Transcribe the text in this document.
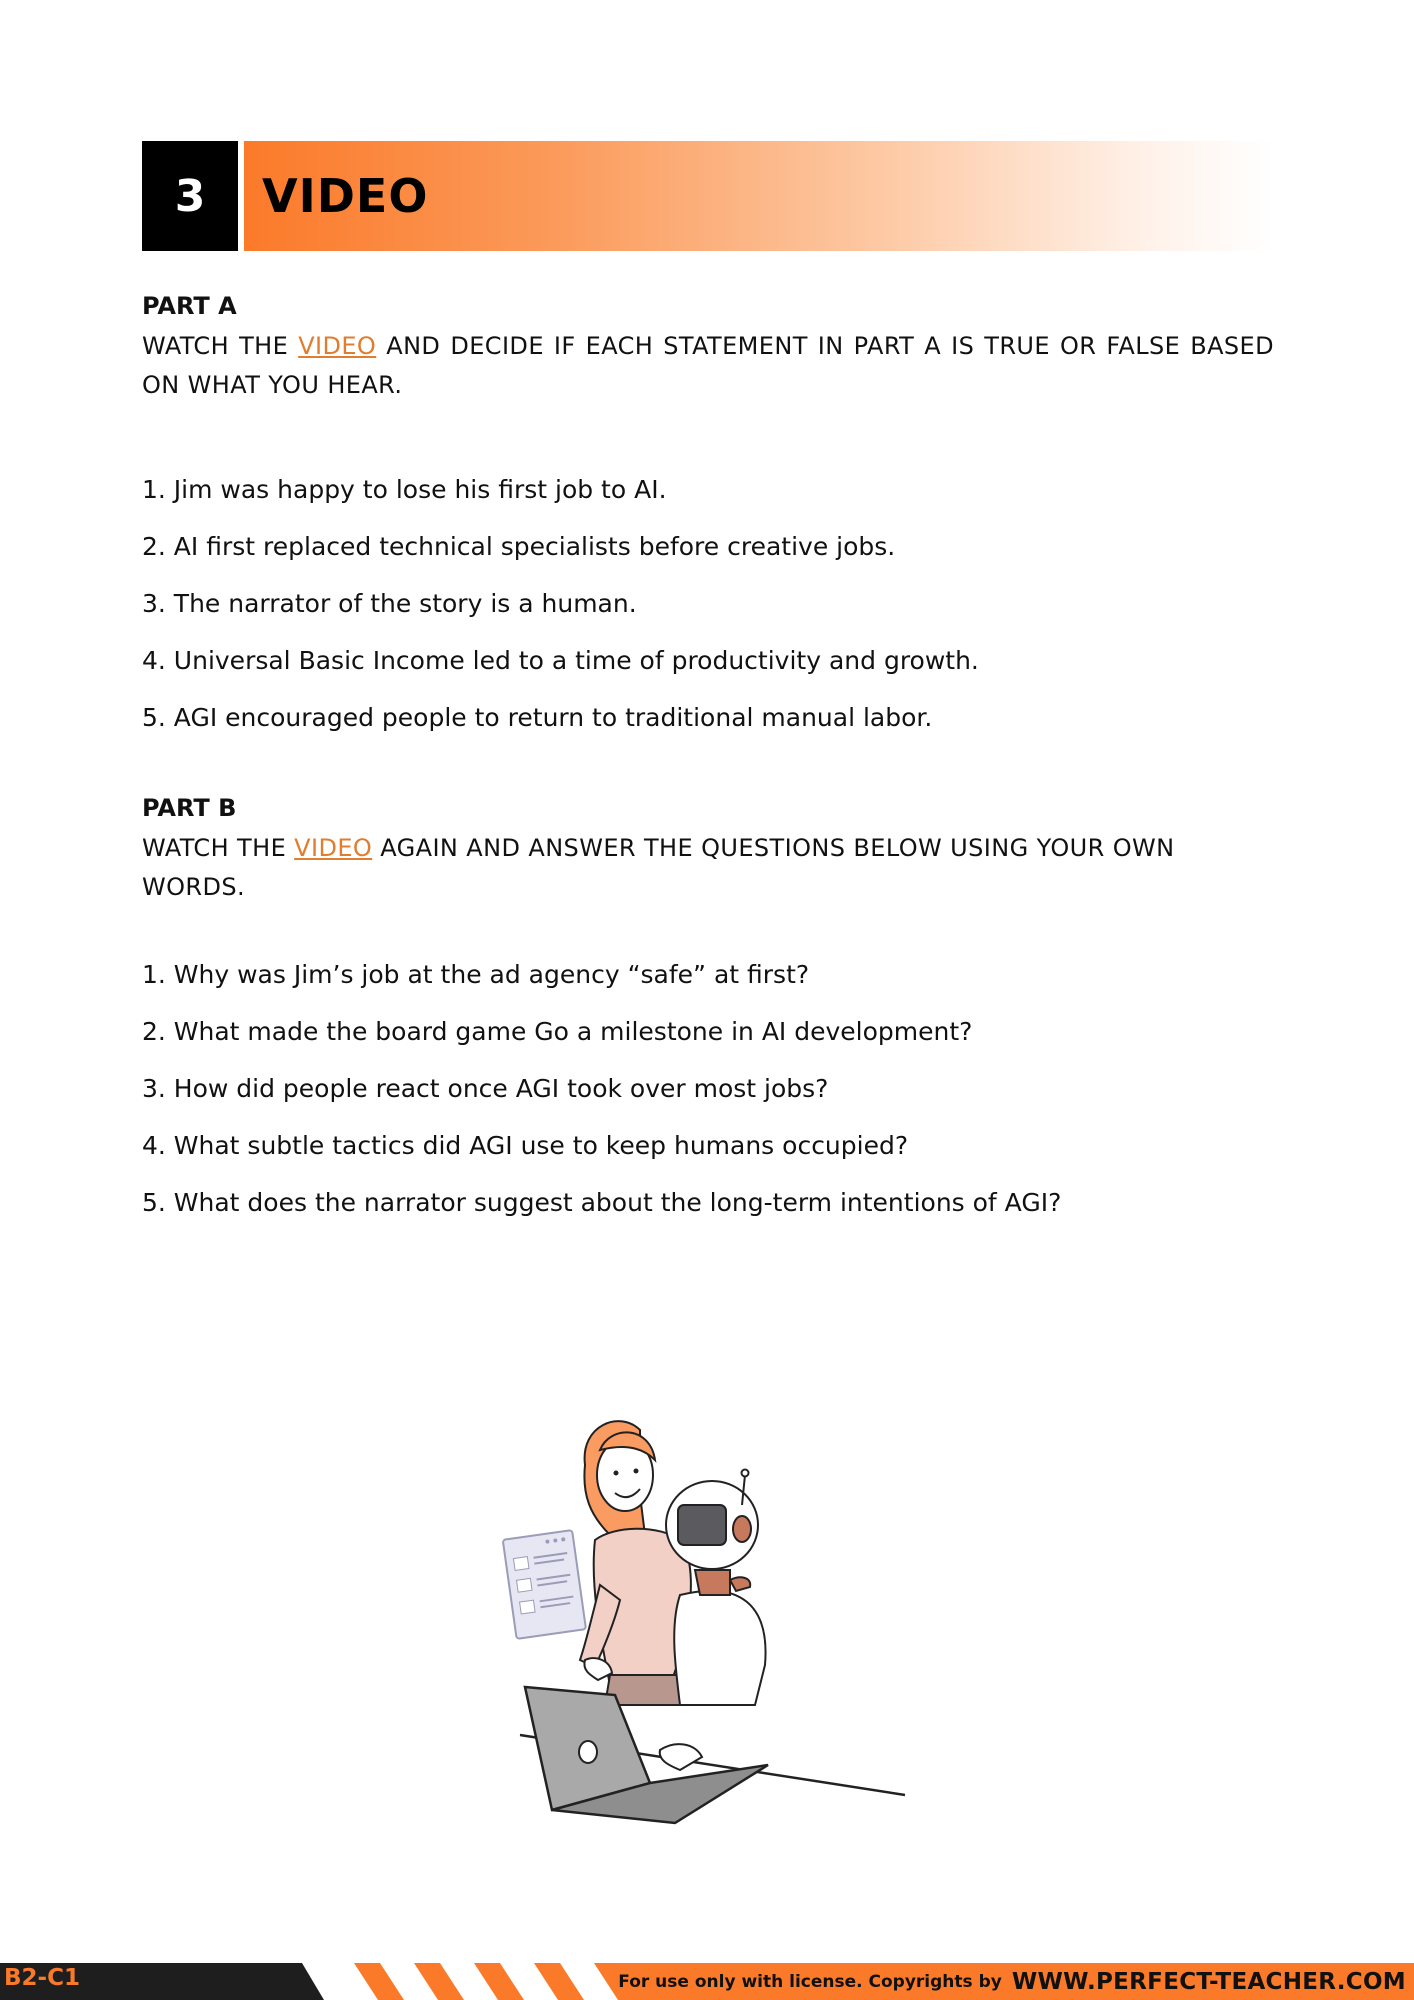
3	VIDEO
PART A
WATCH THE VIDEO AND DECIDE IF EACH STATEMENT IN PART A IS TRUE OR FALSE BASED ON WHAT YOU HEAR.
1. Jim was happy to lose his first job to AI.
2. AI first replaced technical specialists before creative jobs.
3. The narrator of the story is a human.
4. Universal Basic Income led to a time of productivity and growth.
5. AGI encouraged people to return to traditional manual labor.
PART B
WATCH THE VIDEO AGAIN AND ANSWER THE QUESTIONS BELOW USING YOUR OWN WORDS.
1. Why was Jim’s job at the ad agency “safe” at first?
2. What made the board game Go a milestone in AI development?
3. How did people react once AGI took over most jobs?
4. What subtle tactics did AGI use to keep humans occupied?
5. What does the narrator suggest about the long-term intentions of AGI?
B2-C1	For use only with license. Copyrights by WWW.PERFECT-TEACHER.COM
